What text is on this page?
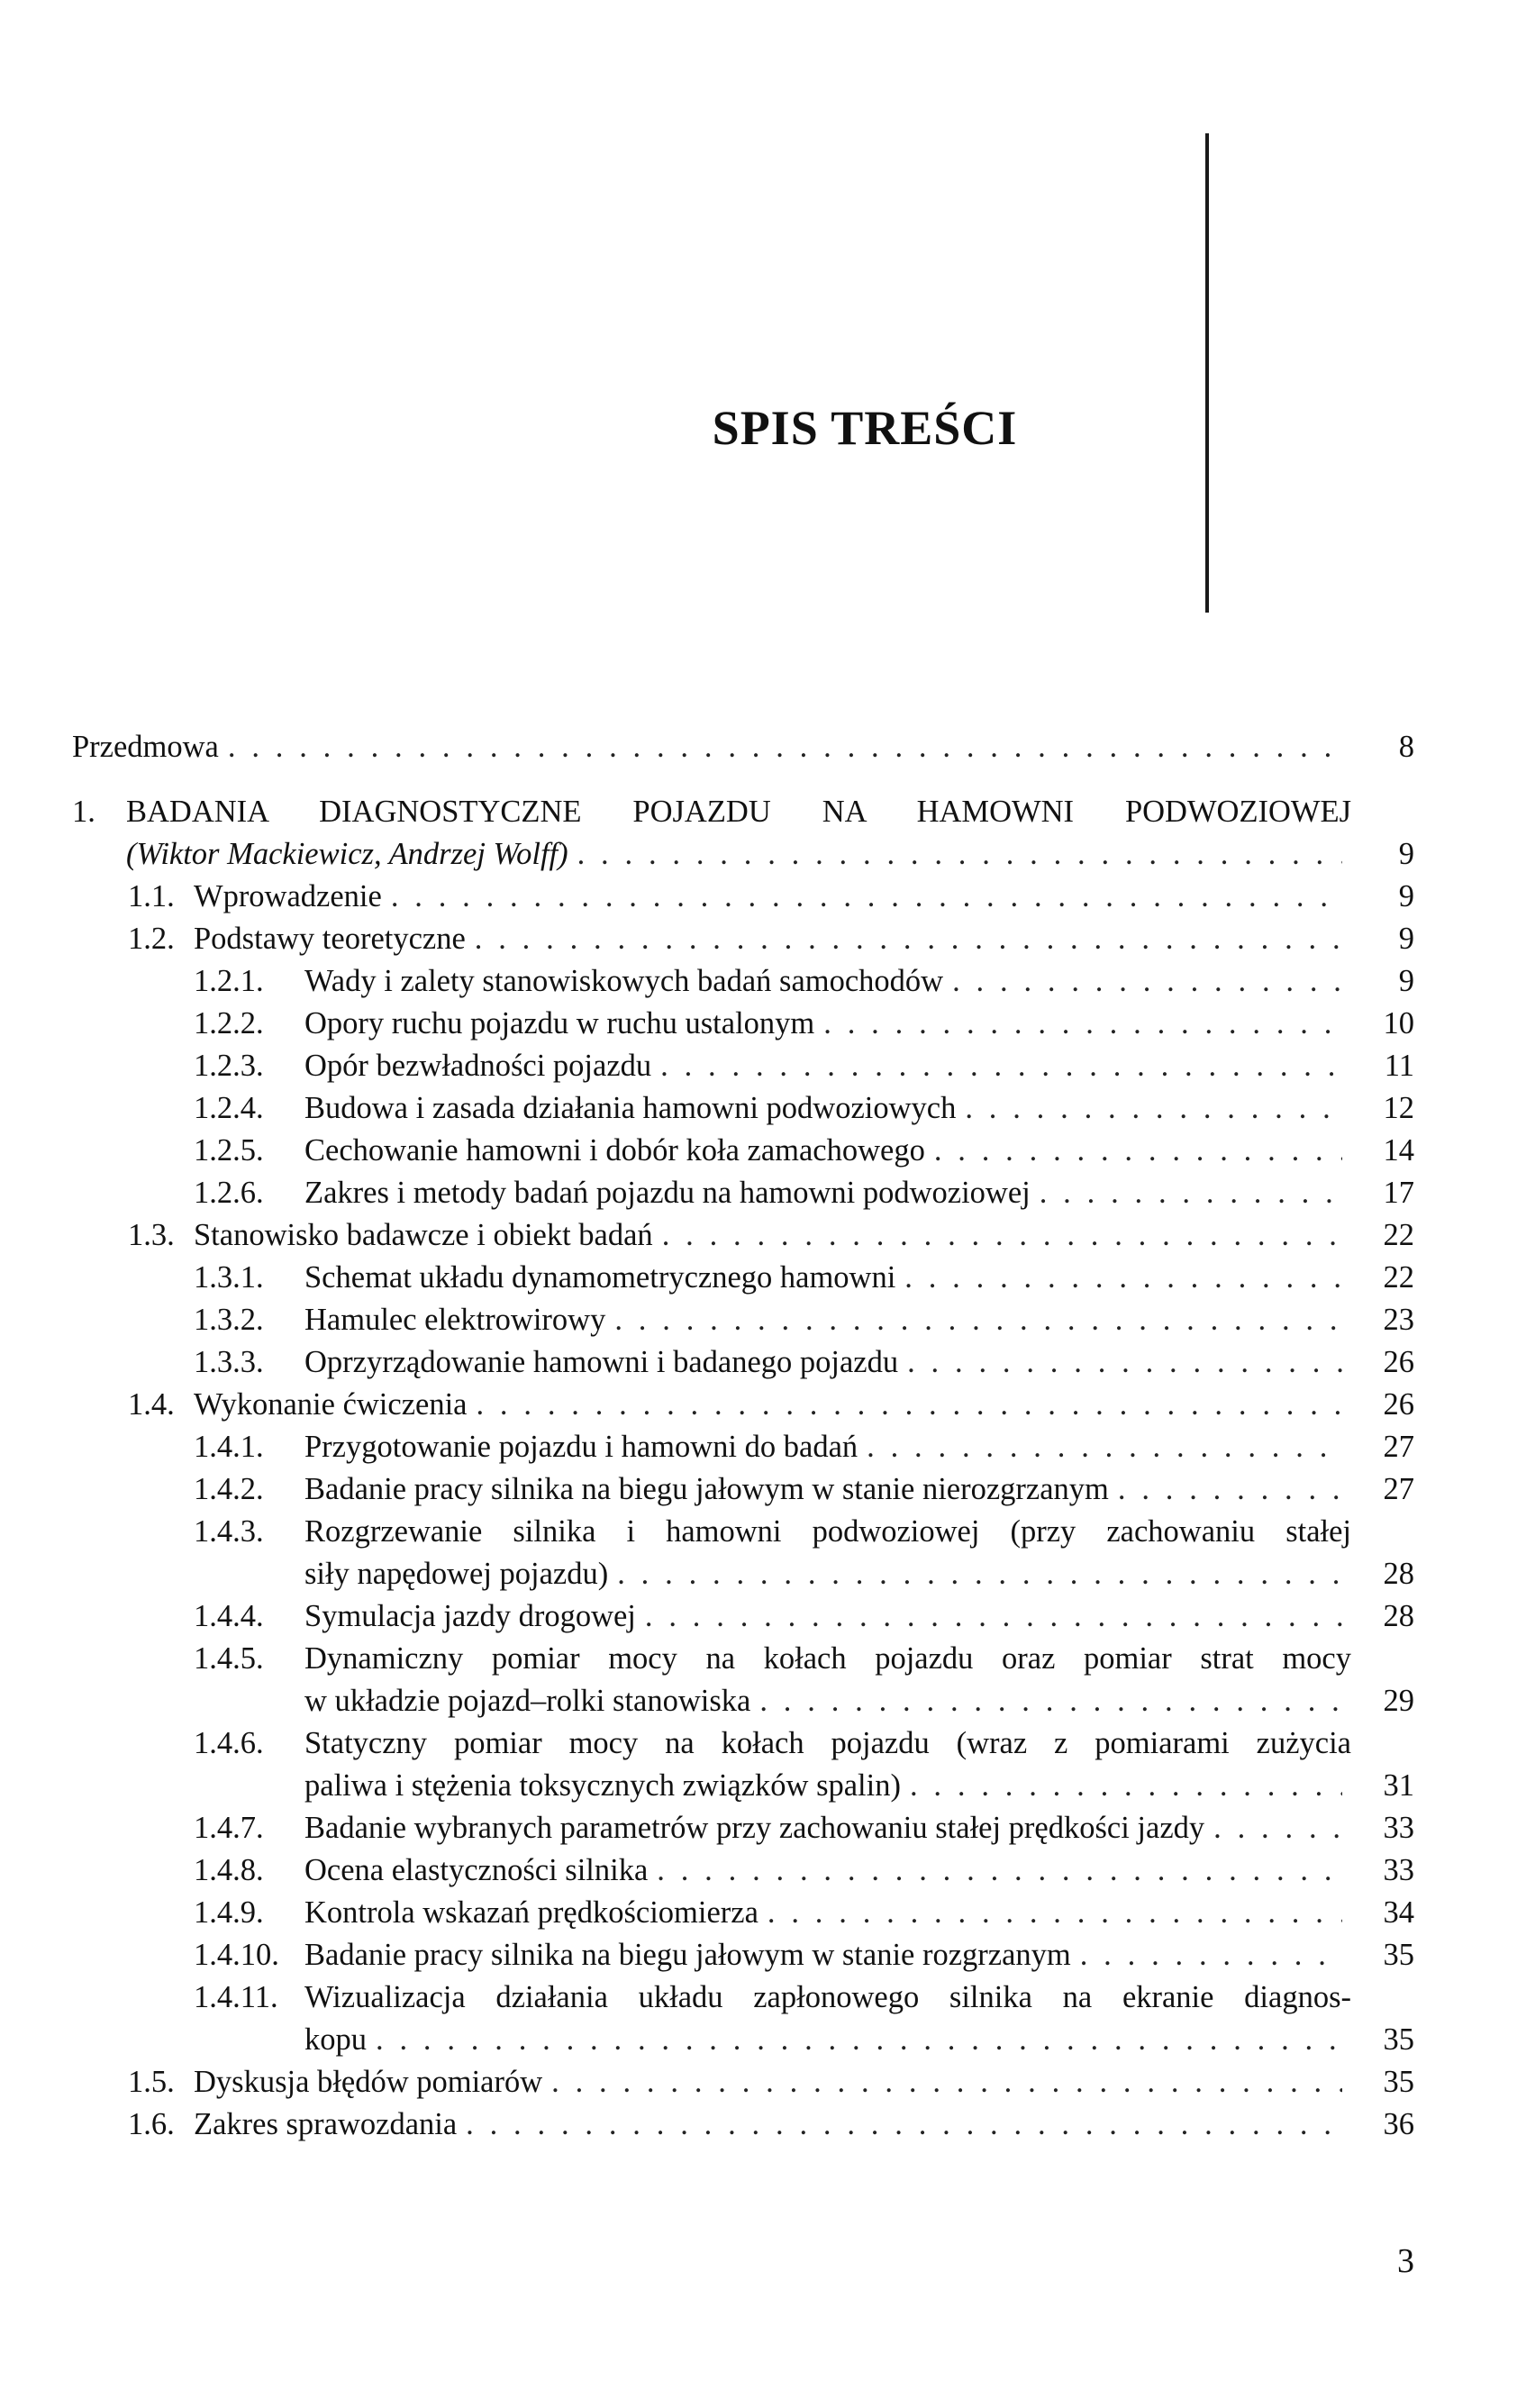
SPIS TREŚCI
Przedmowa . . .	8
1. BADANIA DIAGNOSTYCZNE POJAZDU NA HAMOWNI PODWOZIOWEJ
(Wiktor Mackiewicz, Andrzej Wolff) . . .	9
1.1. Wprowadzenie . . .	9
1.2. Podstawy teoretyczne . . .	9
1.2.1. Wady i zalety stanowiskowych badań samochodów . . .	9
1.2.2. Opory ruchu pojazdu w ruchu ustalonym . . .	10
1.2.3. Opór bezwładności pojazdu . . .	11
1.2.4. Budowa i zasada działania hamowni podwoziowych . . .	12
1.2.5. Cechowanie hamowni i dobór koła zamachowego . . .	14
1.2.6. Zakres i metody badań pojazdu na hamowni podwoziowej . . .	17
1.3. Stanowisko badawcze i obiekt badań . . .	22
1.3.1. Schemat układu dynamometrycznego hamowni . . .	22
1.3.2. Hamulec elektrowirowy . . .	23
1.3.3. Oprzyrządowanie hamowni i badanego pojazdu . . .	26
1.4. Wykonanie ćwiczenia . . .	26
1.4.1. Przygotowanie pojazdu i hamowni do badań . . .	27
1.4.2. Badanie pracy silnika na biegu jałowym w stanie nierozgrzanym . . .	27
1.4.3. Rozgrzewanie silnika i hamowni podwoziowej (przy zachowaniu stałej
siły napędowej pojazdu) . . .	28
1.4.4. Symulacja jazdy drogowej . . .	28
1.4.5. Dynamiczny pomiar mocy na kołach pojazdu oraz pomiar strat mocy
w układzie pojazd–rolki stanowiska . . .	29
1.4.6. Statyczny pomiar mocy na kołach pojazdu (wraz z pomiarami zużycia
paliwa i stężenia toksycznych związków spalin) . . .	31
1.4.7. Badanie wybranych parametrów przy zachowaniu stałej prędkości jazdy . . .	33
1.4.8. Ocena elastyczności silnika . . .	33
1.4.9. Kontrola wskazań prędkościomierza . . .	34
1.4.10. Badanie pracy silnika na biegu jałowym w stanie rozgrzanym . . .	35
1.4.11. Wizualizacja działania układu zapłonowego silnika na ekranie diagnos-
kopu . . .	35
1.5. Dyskusja błędów pomiarów . . .	35
1.6. Zakres sprawozdania . . .	36
3
